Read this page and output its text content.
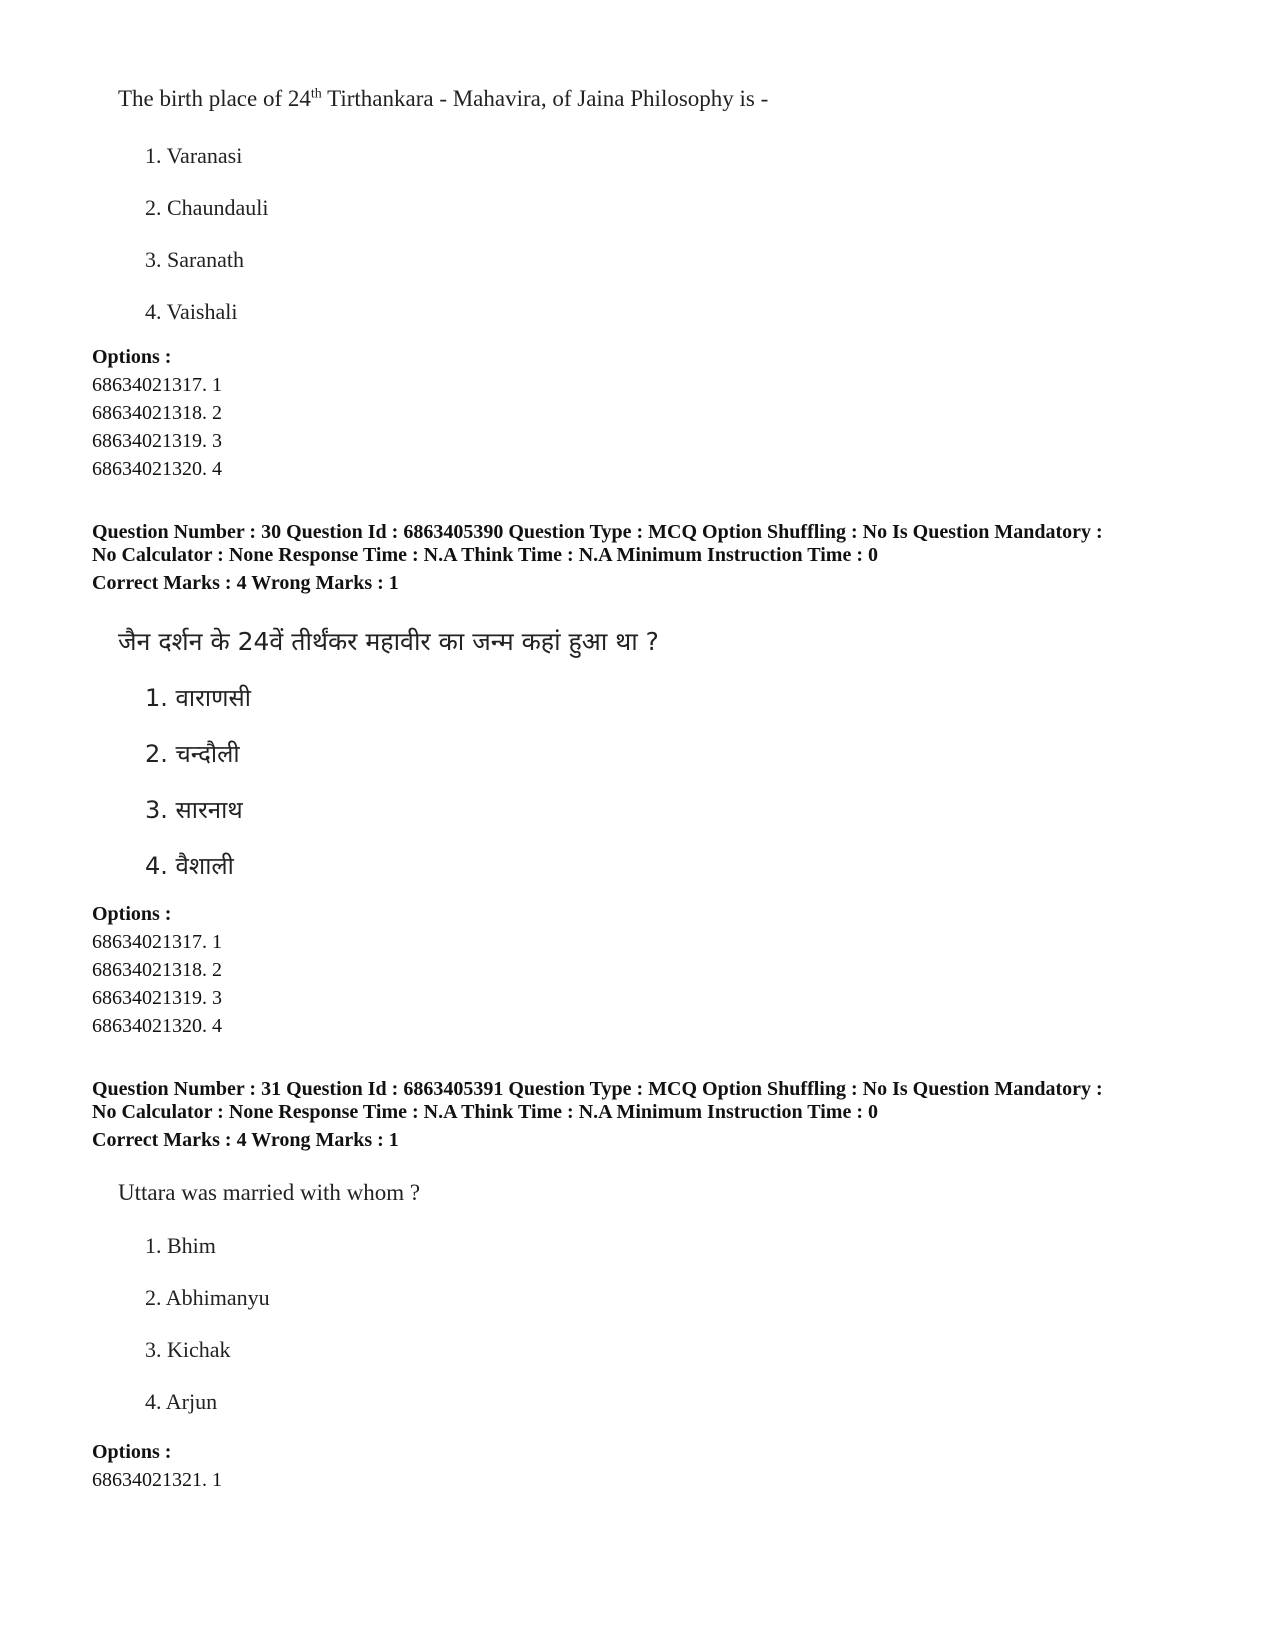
The birth place of 24th Tirthankara - Mahavira, of Jaina Philosophy is -
1. Varanasi
2. Chaundauli
3. Saranath
4. Vaishali
Options :
68634021317. 1
68634021318. 2
68634021319. 3
68634021320. 4
Question Number : 30 Question Id : 6863405390 Question Type : MCQ Option Shuffling : No Is Question Mandatory :
No Calculator : None Response Time : N.A Think Time : N.A Minimum Instruction Time : 0
Correct Marks : 4 Wrong Marks : 1
जैन दर्शन के 24वें तीर्थंकर महावीर का जन्म कहां हुआ था ?
1. वाराणसी
2. चन्दौली
3. सारनाथ
4. वैशाली
Options :
68634021317. 1
68634021318. 2
68634021319. 3
68634021320. 4
Question Number : 31 Question Id : 6863405391 Question Type : MCQ Option Shuffling : No Is Question Mandatory :
No Calculator : None Response Time : N.A Think Time : N.A Minimum Instruction Time : 0
Correct Marks : 4 Wrong Marks : 1
Uttara was married with whom ?
1. Bhim
2. Abhimanyu
3. Kichak
4. Arjun
Options :
68634021321. 1
